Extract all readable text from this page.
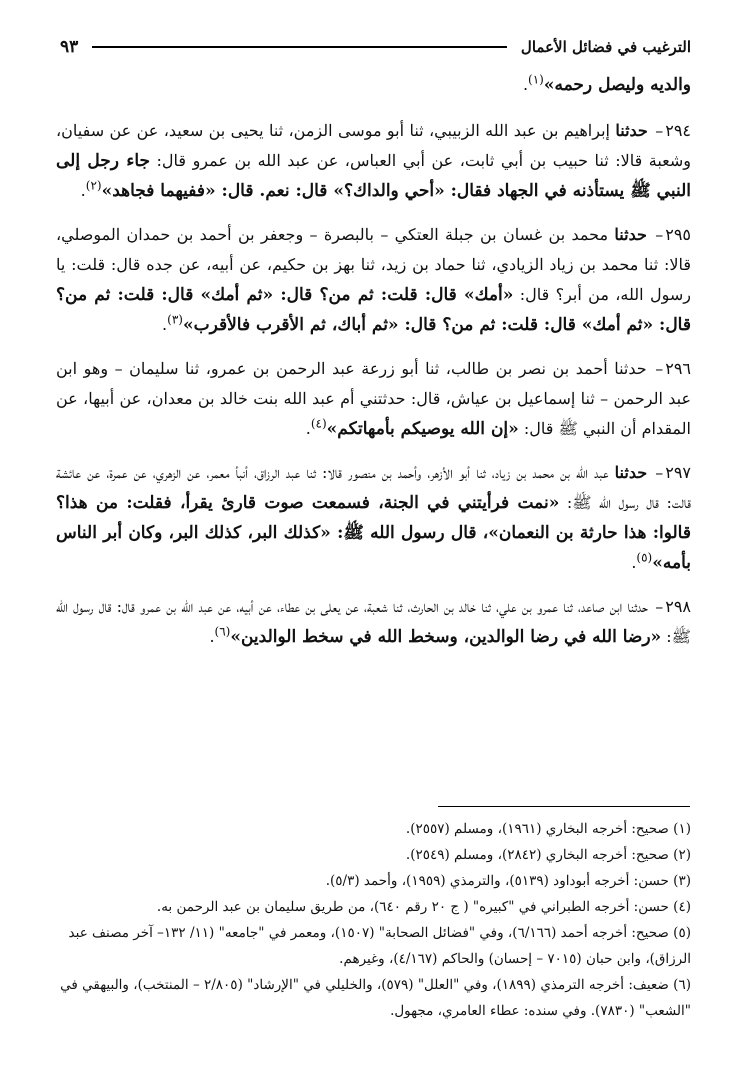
٩٣	الترغيب في فضائل الأعمال

والديه وليصل رحمه»$^{(١)}$.

٢٩٤– حدثنا إبراهيم بن عبد الله الزبيبي، ثنا أبو موسى الزمن، ثنا يحيى بن سعيد، عن عن سفيان، وشعبة قالا: ثنا حبيب بن أبي ثابت، عن أبي العباس، عن عبد الله بن عمرو قال: جاء رجل إلى النبي ﷺ يستأذنه في الجهاد فقال: «أحي والداك؟» قال: نعم. قال: «ففيهما فجاهد»$^{(٢)}$.

٢٩٥– حدثنا محمد بن غسان بن جبلة العتكي – بالبصرة – وجعفر بن أحمد بن حمدان الموصلي، قالا: ثنا محمد بن زياد الزيادي، ثنا حماد بن زيد، ثنا بهز بن حكيم، عن أبيه، عن جده قال: قلت: يا رسول الله، من أبر؟ قال: «أمك» قال: قلت: ثم من؟ قال: «ثم أمك» قال: قلت: ثم من؟ قال: «ثم أمك» قال: قلت: ثم من؟ قال: «ثم أباك، ثم الأقرب فالأقرب»$^{(٣)}$.

٢٩٦– حدثنا أحمد بن نصر بن طالب، ثنا أبو زرعة عبد الرحمن بن عمرو، ثنا سليمان – وهو ابن عبد الرحمن – ثنا إسماعيل بن عياش، قال: حدثتني أم عبد الله بنت خالد بن معدان، عن أبيها، عن المقدام أن النبي ﷺ قال: «إن الله يوصيكم بأمهاتكم»$^{(٤)}$.

٢٩٧– حدثنا عبد الله بن محمد بن زياد، ثنا أبو الأزهر، وأحمد بن منصور قالا: ثنا عبد الرزاق، أنبأ معمر، عن الزهري، عن عمرة، عن عائشة قالت: قال رسول الله ﷺ: «نمت فرأيتني في الجنة، فسمعت صوت قارئ يقرأ، فقلت: من هذا؟ قالوا: هذا حارثة بن النعمان»، قال رسول الله ﷺ: «كذلك البر، كذلك البر، وكان أبر الناس بأمه»$^{(٥)}$.

٢٩٨– حدثنا ابن صاعد، ثنا عمرو بن علي، ثنا خالد بن الحارث، ثنا شعبة، عن يعلى بن عطاء، عن أبيه، عن عبد الله بن عمرو قال: قال رسول الله ﷺ: «رضا الله في رضا الوالدين، وسخط الله في سخط الوالدين»$^{(٦)}$.

(١) صحيح: أخرجه البخاري (١٩٦١)، ومسلم (٢٥٥٧).
(٢) صحيح: أخرجه البخاري (٢٨٤٢)، ومسلم (٢٥٤٩).
(٣) حسن: أخرجه أبوداود (٥١٣٩)، والترمذي (١٩٥٩)، وأحمد (٥/٣).
(٤) حسن: أخرجه الطبراني في "كبيره" ( ج ٢٠ رقم ٦٤٠)، من طريق سليمان بن عبد الرحمن به.
(٥) صحيح: أخرجه أحمد (٦/١٦٦)، وفي "فضائل الصحابة" (١٥٠٧)، ومعمر في "جامعه" (١١/ ١٣٢– آخر مصنف عبد الرزاق)، وابن حبان (٧٠١٥ – إحسان) والحاكم (٤/١٦٧)، وغيرهم.
(٦) ضعيف: أخرجه الترمذي (١٨٩٩)، وفي "العلل" (٥٧٩)، والخليلي في "الإرشاد" (٢/٨٠٥ – المنتخب)، والبيهقي في "الشعب" (٧٨٣٠). وفي سنده: عطاء العامري، مجهول.
